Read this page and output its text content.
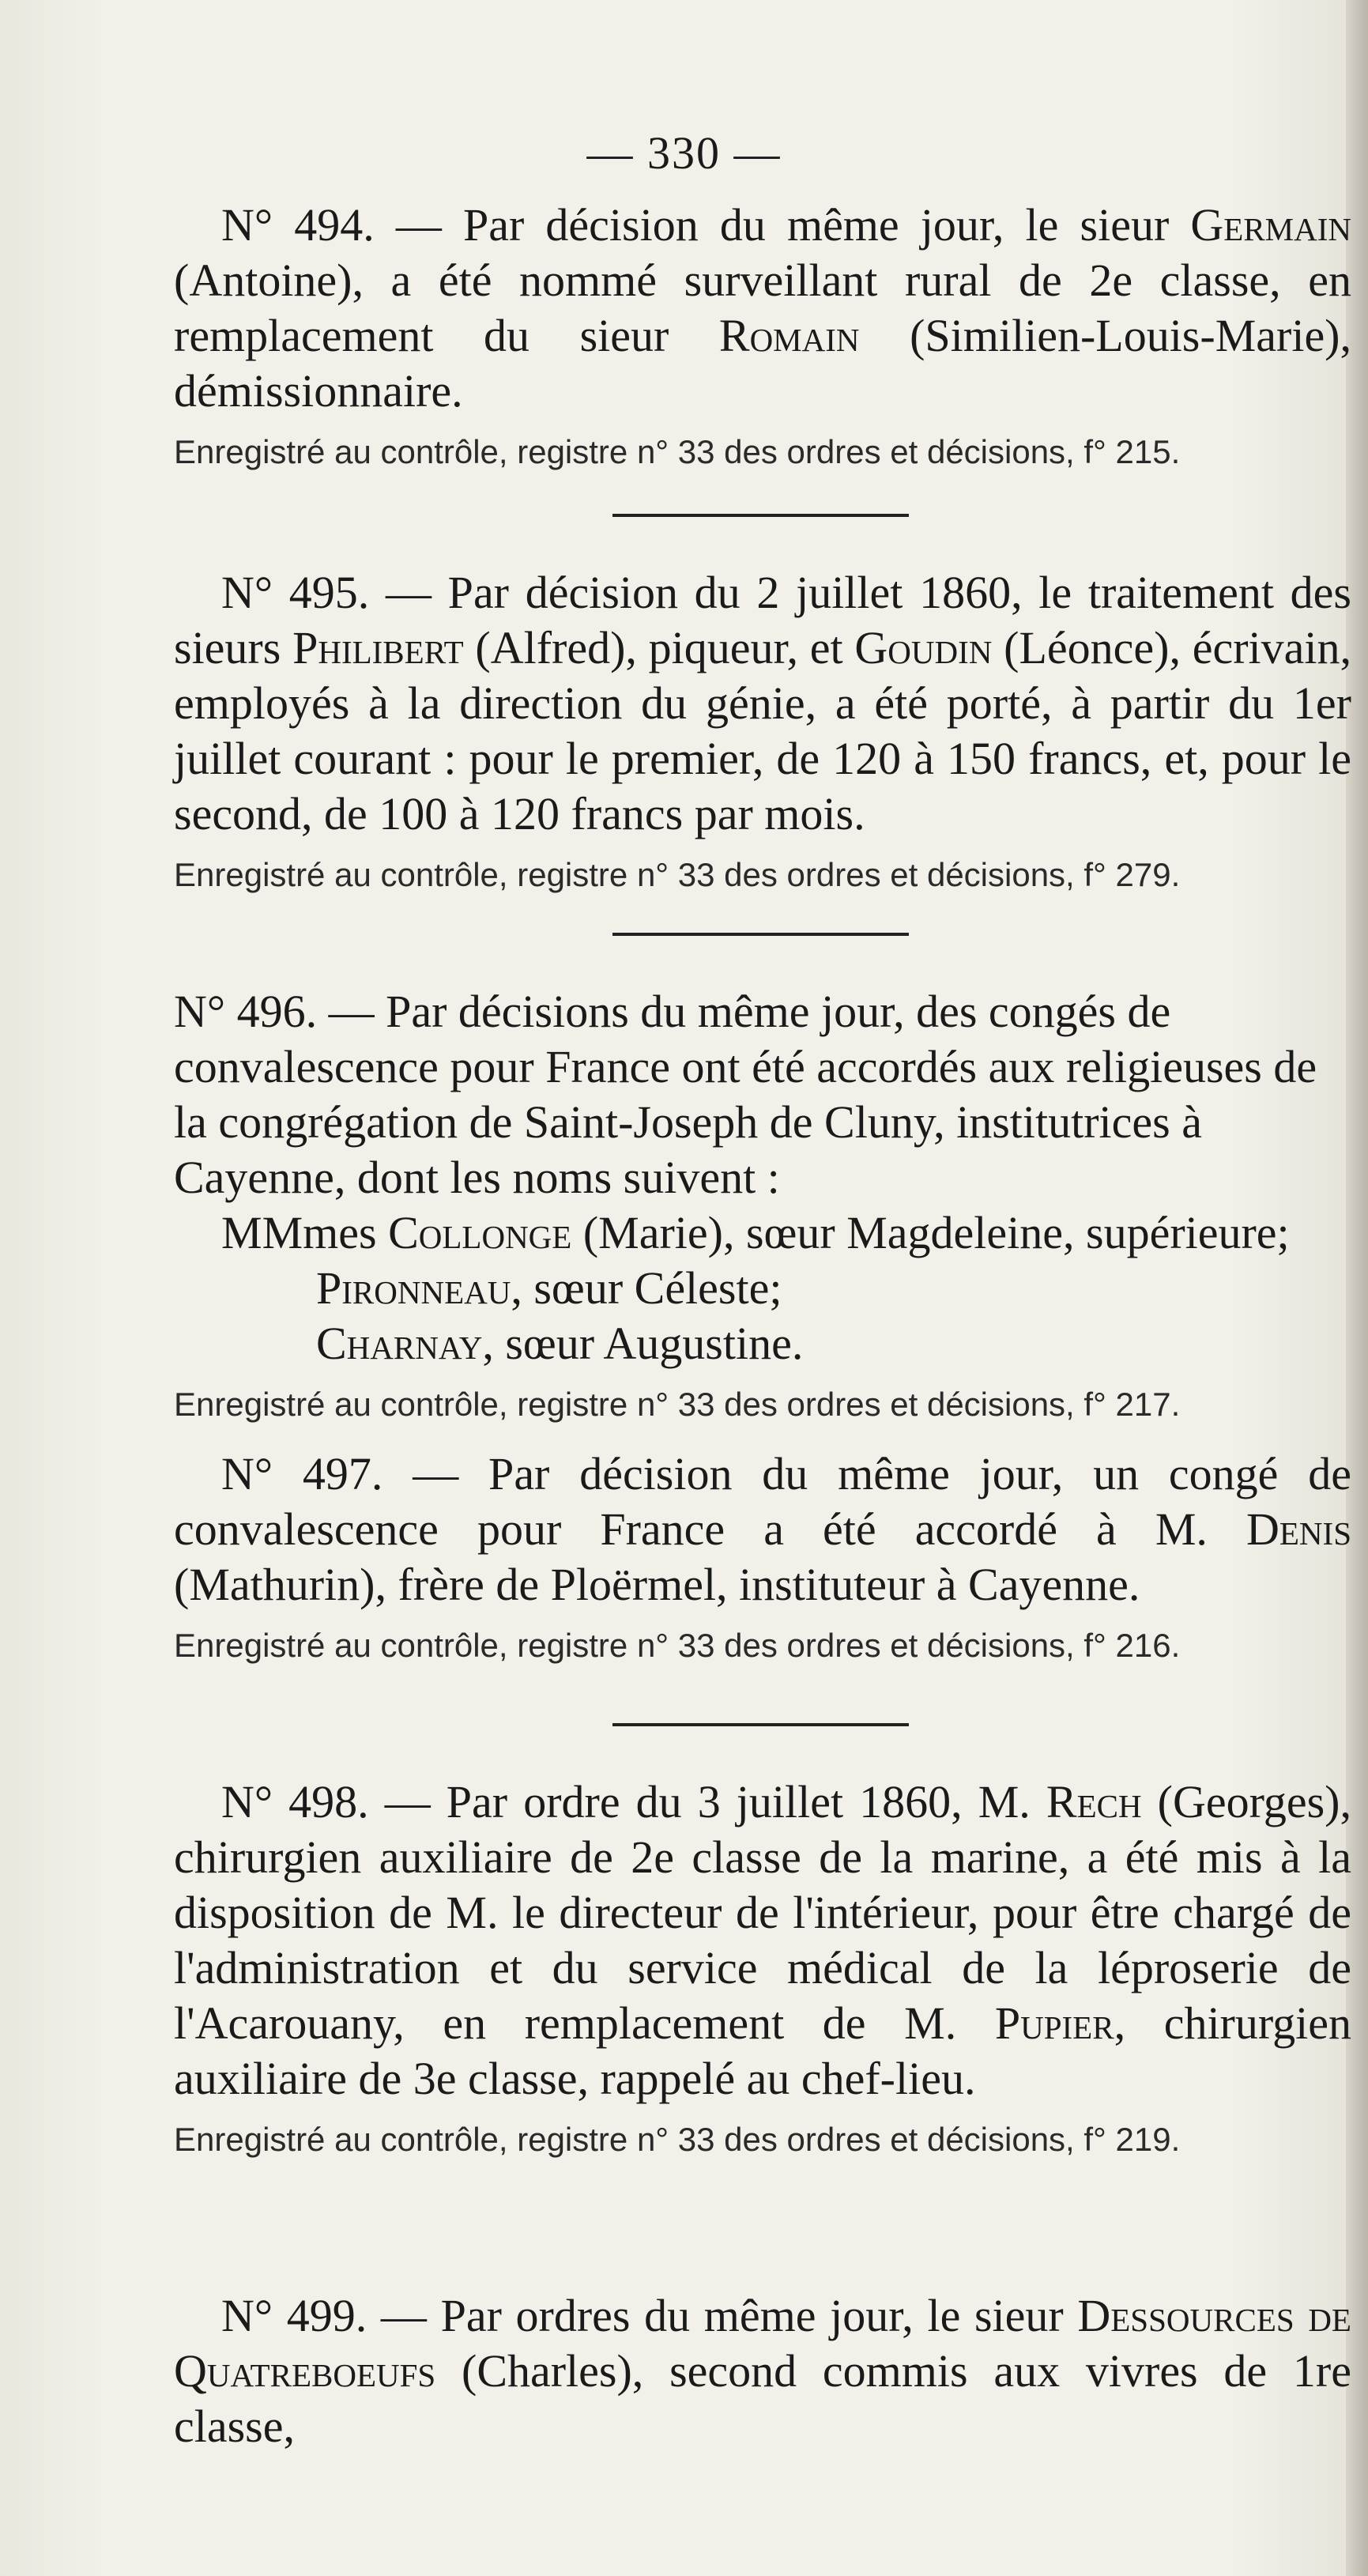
— 330 —

N° 494. — Par décision du même jour, le sieur Germain (Antoine), a été nommé surveillant rural de 2e classe, en remplacement du sieur Romain (Similien-Louis-Marie), démissionnaire.

Enregistré au contrôle, registre n° 33 des ordres et décisions, f° 215.

N° 495. — Par décision du 2 juillet 1860, le traitement des sieurs Philibert (Alfred), piqueur, et Goudin (Léonce), écrivain, employés à la direction du génie, a été porté, à partir du 1er juillet courant : pour le premier, de 120 à 150 francs, et, pour le second, de 100 à 120 francs par mois.

Enregistré au contrôle, registre n° 33 des ordres et décisions, f° 279.

N° 496.

— Par décisions du même jour, des congés de convalescence pour France ont été accordés aux religieuses de la congrégation de Saint-Joseph de Cluny, institutrices à Cayenne, dont les noms suivent :
MMmes Collonge (Marie), sœur Magdeleine, supérieure;
Pironneau, sœur Céleste;
Charnay, sœur Augustine.

Enregistré au contrôle, registre n° 33 des ordres et décisions, f° 217.

N° 497. — Par décision du même jour, un congé de convalescence pour France a été accordé à M. Denis (Mathurin), frère de Ploërmel, instituteur à Cayenne.

Enregistré au contrôle, registre n° 33 des ordres et décisions, f° 216.

N° 498. — Par ordre du 3 juillet 1860, M. Rech (Georges), chirurgien auxiliaire de 2e classe de la marine, a été mis à la disposition de M. le directeur de l'intérieur, pour être chargé de l'administration et du service médical de la léproserie de l'Acarouany, en remplacement de M. Pupier, chirurgien auxiliaire de 3e classe, rappelé au chef-lieu.

Enregistré au contrôle, registre n° 33 des ordres et décisions, f° 219.

N° 499. — Par ordres du même jour, le sieur Dessources de Quatreboeufs (Charles), second commis aux vivres de 1re classe,
